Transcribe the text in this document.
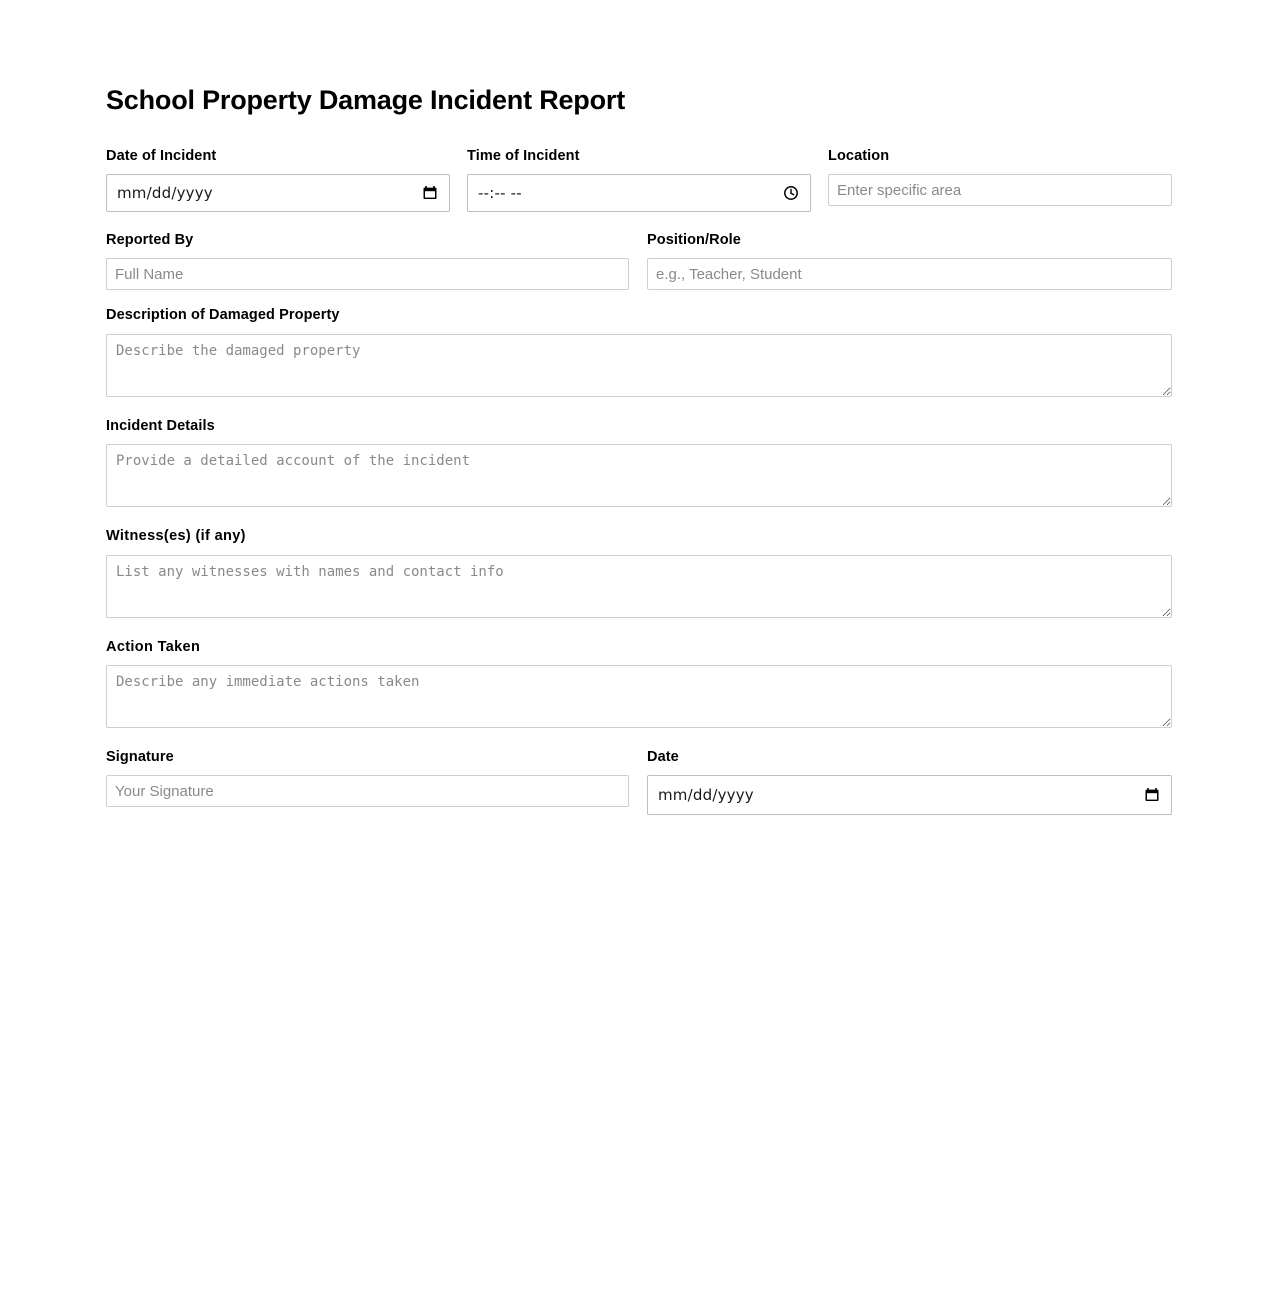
School Property Damage Incident Report
Date of Incident
mm/dd/yyyy
Time of Incident
--:-- --
Location
Enter specific area
Reported By
Full Name	Position/Role
e.g., Teacher, Student
Description of Damaged Property
Describe the damaged property
Incident Details
Provide a detailed account of the incident
Witness(es) (if any)
List any witnesses with names and contact info
Action Taken
Describe any immediate actions taken
Signature
Your Signature	Date
mm/dd/yyyy
